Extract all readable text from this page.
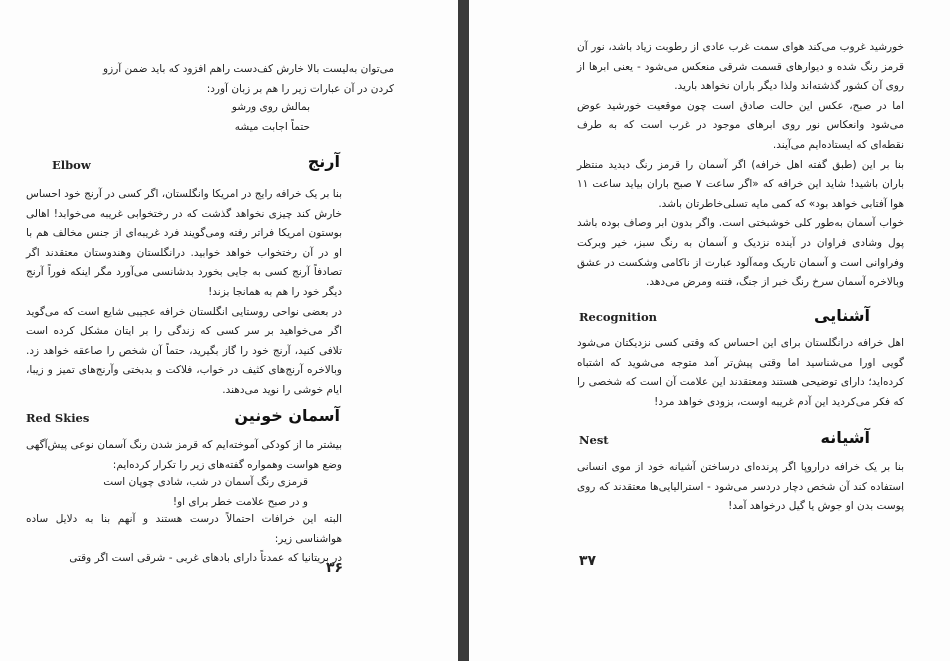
می‌توان به‌لیست بالا خارش کف‌دست راهم افزود که باید ضمن آرزو

کردن در آن عبارات زیر را هم بر زبان آورد:

بمالش روی ورشو
حتماً اجابت میشه
آرنج
Elbow

بنا بر یک خرافه رایج در امریکا وانگلستان، اگر کسی در آرنج خود احساس خارش کند چیزی نخواهد گذشت که در رختخوابی غریبه می‌خوابد! اهالی بوستون امریکا فراتر رفته ومی‌گویند فرد غریبه‌ای از جنس مخالف هم با او در آن رختخواب خواهد خوابید. درانگلستان وهندوستان معتقدند اگر تصادفاً آرنج کسی به جایی بخورد بدشانسی می‌آورد مگر اینکه فوراً آرنج دیگر خود را هم به همانجا بزند!

در بعضی نواحی روستایی انگلستان خرافه عجیبی شایع است که می‌گوید اگر می‌خواهید بر سر کسی که زندگی را بر ایتان مشکل کرده است تلافی کنید، آرنج خود را گاز بگیرید، حتماً آن شخص را صاعقه خواهد زد. وبالاخره آرنج‌های کثیف در خواب، فلاکت و بدبختی وآرنج‌های تمیز و زیبا، ایام خوشی را نوید می‌دهند.

آسمان خونین
Red Skies

بیشتر ما از کودکی آموخته‌ایم که قرمز شدن رنگ آسمان نوعی پیش‌آگهی وضع هواست وهمواره گفته‌های زیر را تکرار کرده‌ایم:

قرمزی رنگ آسمان در شب، شادی چوپان است
و در صبح علامت خطر برای او!

البته این خرافات احتمالاً درست هستند و آنهم بنا به دلایل ساده هواشناسی زیر:

در بریتانیا که عمدتاً دارای بادهای غربی - شرقی است اگر وقتی

۳۶

خورشید غروب می‌کند هوای سمت غرب عادی از رطوبت زیاد باشد، نور آن قرمز رنگ شده و دیوارهای قسمت شرقی منعکس می‌شود - یعنی ابرها از روی آن کشور گذشته‌اند ولذا دیگر باران نخواهد بارید.

اما در صبح، عکس این حالت صادق است چون موقعیت خورشید عوض می‌شود وانعکاس نور روی ابرهای موجود در غرب است که به طرف نقطه‌ای که ایستاده‌ایم می‌آیند.

بنا بر این (طبق گفته اهل خرافه) اگر آسمان را قرمز رنگ دیدید منتظر باران باشید! شاید این خرافه که «اگر ساعت ۷ صبح باران بیاید ساعت ۱۱ هوا آفتابی خواهد بود» که کمی مایه تسلی‌خاطرتان باشد.

خواب آسمان به‌طور کلی خوشبختی است. واگر بدون ابر وصاف بوده باشد پول وشادی فراوان در آینده نزدیک و آسمان به رنگ سبز، خیر وبرکت وفراوانی است و آسمان تاریک ومه‌آلود عبارت از ناکامی وشکست در عشق وبالاخره آسمان سرخ رنگ خبر از جنگ، فتنه ومرض می‌دهد.

آشنایی
Recognition

اهل خرافه درانگلستان برای این احساس که وقتی کسی نزدیکتان می‌شود گویی اورا می‌شناسید اما وقتی پیش‌تر آمد متوجه می‌شوید که اشتباه کرده‌اید؛ دارای توضیحی هستند ومعتقدند این علامت آن است که شخصی را که فکر می‌کردید این آدم غریبه اوست، بزودی خواهد مرد!

آشیانه
Nest

بنا بر یک خرافه دراروپا اگر پرنده‌ای درساختن آشیانه خود از موی انسانی استفاده کند آن شخص دچار دردسر می‌شود - استرالیایی‌ها معتقدند که روی پوست بدن او جوش یا گیل درخواهد آمد!

۳۷
